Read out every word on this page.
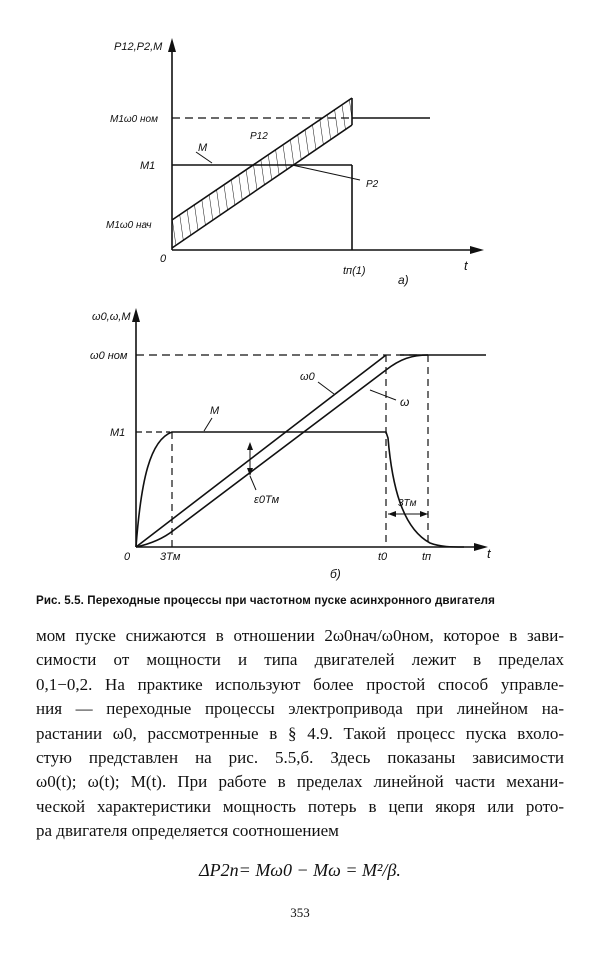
P12,P2,M
M1ω0 ном
M1
M1ω0 нач
0
tп(1)	t
M
P12
P2
а)
ω0,ω,M
ω0 ном
M1
0	3Tм	t0	tп	t
M
ω0
ω
ε0Tм	3Tм
б)
Рис. 5.5. Переходные процессы при частотном пуске асинхронного двигателя

мом пуске снижаются в отношении 2ω0нач/ω0ном, которое в зави-

симости от мощности и типа двигателей лежит в пределах

0,1−0,2. На практике используют более простой способ управле-

ния — переходные процессы электропривода при линейном на-

растании ω0, рассмотренные в § 4.9. Такой процесс пуска вхоло-

стую представлен на рис. 5.5,б. Здесь показаны зависимости

ω0(t); ω(t); M(t). При работе в пределах линейной части механи-

ческой характеристики мощность потерь в цепи якоря или рото-

ра двигателя определяется соотношением

ΔP2п= Mω0 − Mω = M²/β.
353
